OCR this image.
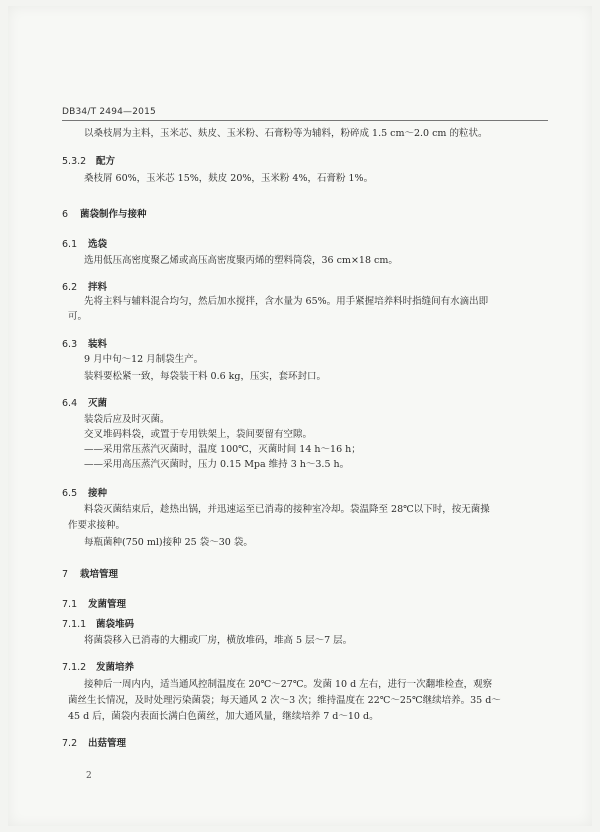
DB34/T 2494—2015
以桑枝屑为主料，玉米芯、麸皮、玉米粉、石膏粉等为辅料，粉碎成 1.5 cm～2.0 cm 的粒状。
5.3.2 配方
桑枝屑 60%，玉米芯 15%，麸皮 20%，玉米粉 4%，石膏粉 1%。
6 菌袋制作与接种
6.1 选袋
选用低压高密度聚乙烯或高压高密度聚丙烯的塑料筒袋，36 cm×18 cm。
6.2 拌料
先将主料与辅料混合均匀，然后加水搅拌，含水量为 65%。用手紧握培养料时指缝间有水滴出即
可。
6.3 装料
9 月中旬～12 月制袋生产。
装料要松紧一致，每袋装干料 0.6 kg，压实，套环封口。
6.4 灭菌
装袋后应及时灭菌。
交叉堆码料袋，或置于专用铁架上，袋间要留有空隙。
——采用常压蒸汽灭菌时，温度 100℃，灭菌时间 14 h～16 h；
——采用高压蒸汽灭菌时，压力 0.15 Mpa 维持 3 h～3.5 h。
6.5 接种
料袋灭菌结束后，趁热出锅，并迅速运至已消毒的接种室冷却。袋温降至 28℃以下时，按无菌操
作要求接种。
每瓶菌种(750 ml)接种 25 袋～30 袋。
7 栽培管理
7.1 发菌管理
7.1.1 菌袋堆码
将菌袋移入已消毒的大棚或厂房，横放堆码，堆高 5 层～7 层。
7.1.2 发菌培养
接种后一周内内，适当通风控制温度在 20℃～27℃。发菌 10 d 左右，进行一次翻堆检查，观察
菌丝生长情况，及时处理污染菌袋；每天通风 2 次～3 次；维持温度在 22℃～25℃继续培养。35 d～
45 d 后，菌袋内表面长满白色菌丝，加大通风量，继续培养 7 d～10 d。
7.2 出菇管理
2
